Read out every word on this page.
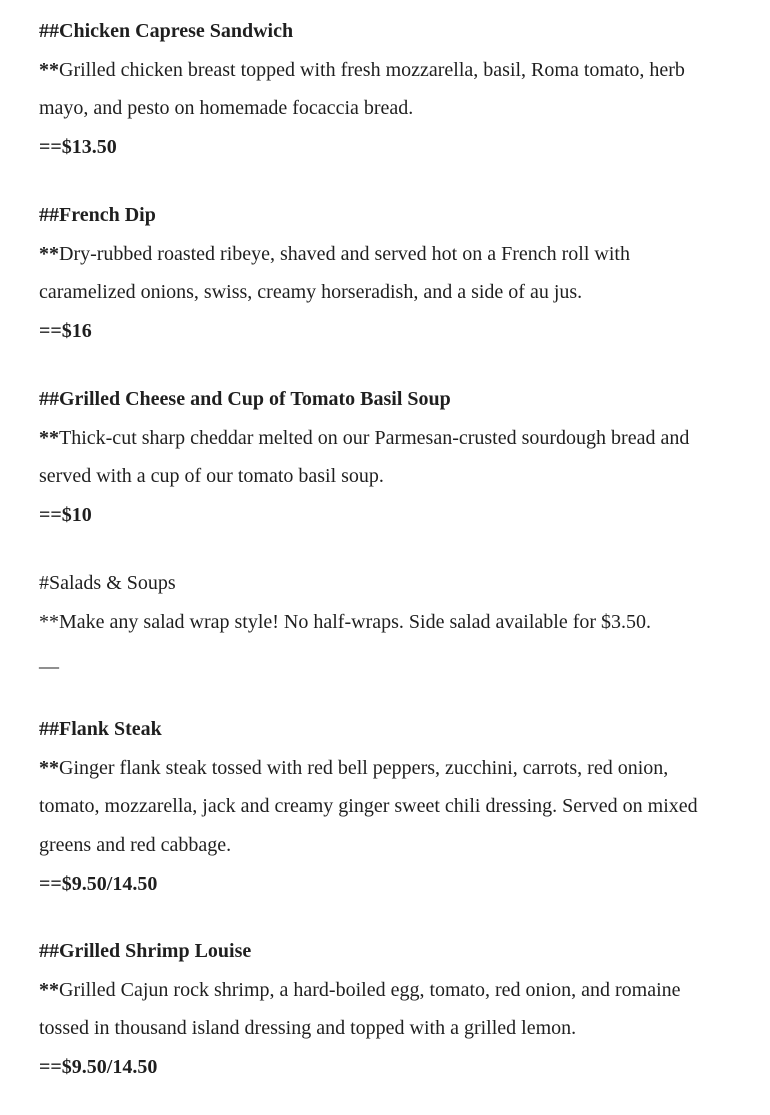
##Chicken Caprese Sandwich
**Grilled chicken breast topped with fresh mozzarella, basil, Roma tomato, herb
mayo, and pesto on homemade focaccia bread.
==$13.50
##French Dip
**Dry-rubbed roasted ribeye, shaved and served hot on a French roll with
caramelized onions, swiss, creamy horseradish, and a side of au jus.
==$16
##Grilled Cheese and Cup of Tomato Basil Soup
**Thick-cut sharp cheddar melted on our Parmesan-crusted sourdough bread and
served with a cup of our tomato basil soup.
==$10
#Salads & Soups
**Make any salad wrap style! No half-wraps. Side salad available for $3.50.
__
##Flank Steak
**Ginger flank steak tossed with red bell peppers, zucchini, carrots, red onion,
tomato, mozzarella, jack and creamy ginger sweet chili dressing. Served on mixed
greens and red cabbage.
==$9.50/14.50
##Grilled Shrimp Louise
**Grilled Cajun rock shrimp, a hard-boiled egg, tomato, red onion, and romaine
tossed in thousand island dressing and topped with a grilled lemon.
==$9.50/14.50
